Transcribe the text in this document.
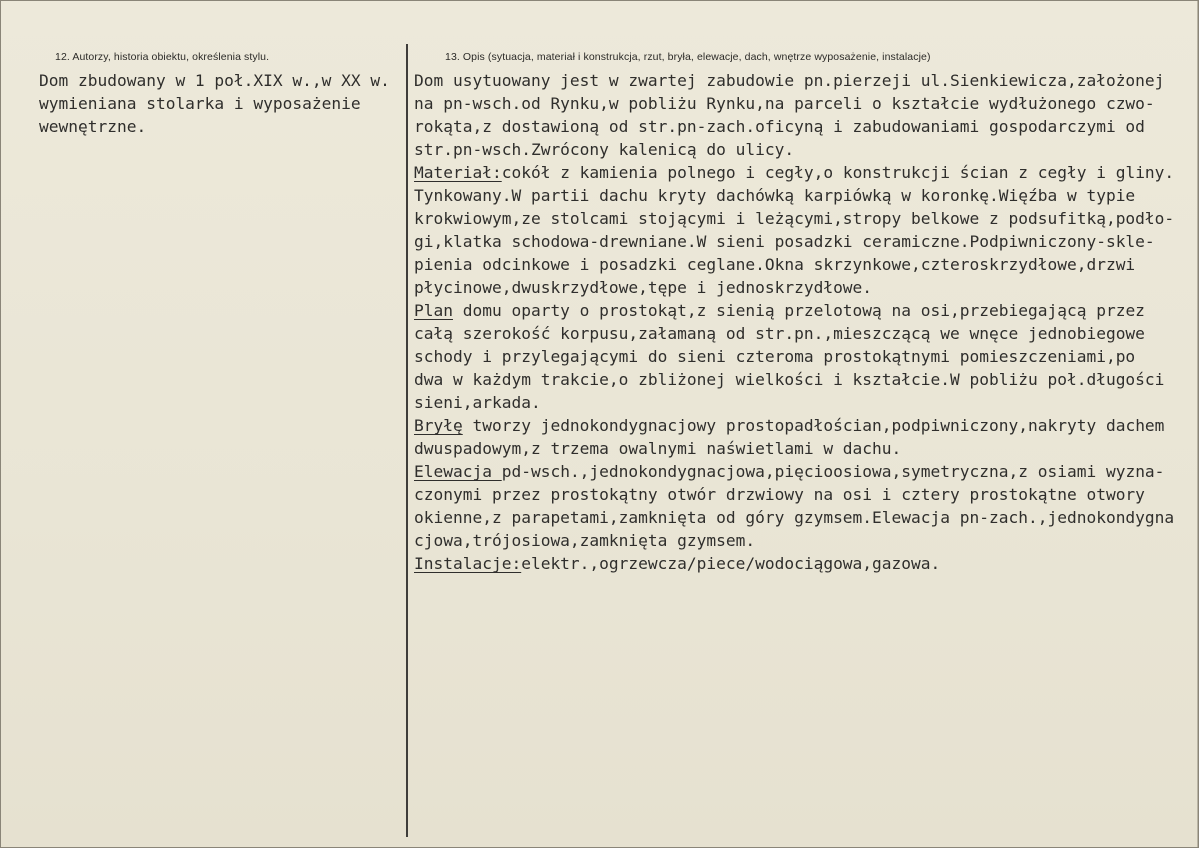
12. Autorzy, historia obiektu, określenia stylu.	13. Opis (sytuacja, materiał i konstrukcja, rzut, bryła, elewacje, dach, wnętrze wyposażenie, instalacje)
Dom zbudowany w 1 poł.XIX w.,w XX w.
wymieniana stolarka i wyposażenie
wewnętrzne.
Dom usytuowany jest w zwartej zabudowie pn.pierzeji ul.Sienkiewicza,założonej
na pn-wsch.od Rynku,w pobliżu Rynku,na parceli o kształcie wydłużonego czwo-
rokąta,z dostawioną od str.pn-zach.oficyną i zabudowaniami gospodarczymi od
str.pn-wsch.Zwrócony kalenicą do ulicy.
Materiał:cokół z kamienia polnego i cegły,o konstrukcji ścian z cegły i gliny.
Tynkowany.W partii dachu kryty dachówką karpiówką w koronkę.Więźba w typie
krokwiowym,ze stolcami stojącymi i leżącymi,stropy belkowe z podsufitką,podło-
gi,klatka schodowa-drewniane.W sieni posadzki ceramiczne.Podpiwniczony-skle-
pienia odcinkowe i posadzki ceglane.Okna skrzynkowe,czteroskrzydłowe,drzwi
płycinowe,dwuskrzydłowe,tępe i jednoskrzydłowe.
Plan domu oparty o prostokąt,z sienią przelotową na osi,przebiegającą przez
całą szerokość korpusu,załamaną od str.pn.,mieszczącą we wnęce jednobiegowe
schody i przylegającymi do sieni czteroma prostokątnymi pomieszczeniami,po
dwa w każdym trakcie,o zbliżonej wielkości i kształcie.W pobliżu poł.długości
sieni,arkada.
Bryłę tworzy jednokondygnacjowy prostopadłościan,podpiwniczony,nakryty dachem
dwuspadowym,z trzema owalnymi naświetlami w dachu.
Elewacja pd-wsch.,jednokondygnacjowa,pięcioosiowa,symetryczna,z osiami wyzna-
czonymi przez prostokątny otwór drzwiowy na osi i cztery prostokątne otwory
okienne,z parapetami,zamknięta od góry gzymsem.Elewacja pn-zach.,jednokondygna
cjowa,trójosiowa,zamknięta gzymsem.
Instalacje:elektr.,ogrzewcza/piece/wodociągowa,gazowa.
